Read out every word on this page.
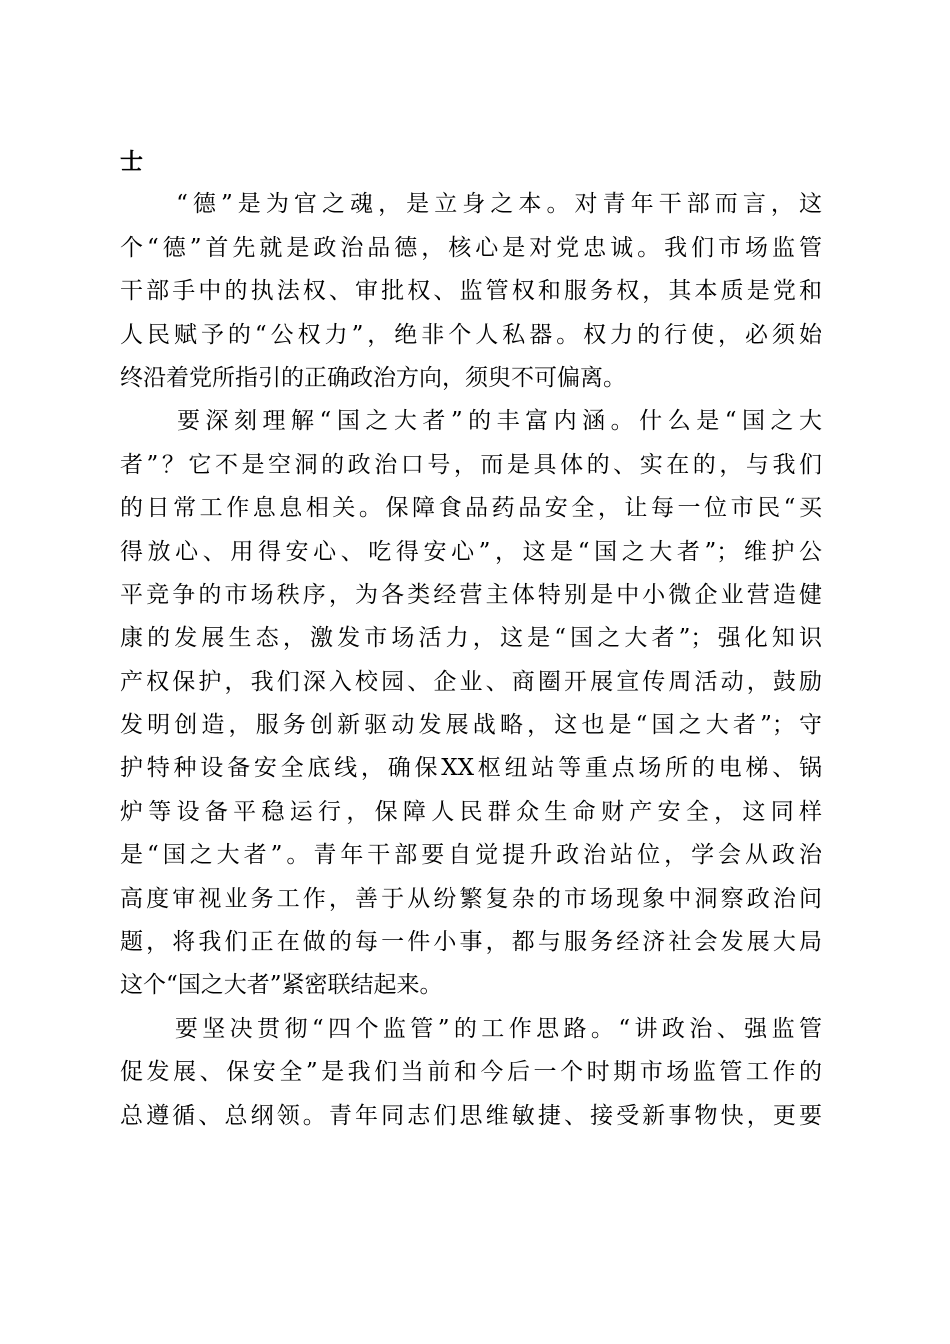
士
　　“德”是为官之魂，是立身之本。对青年干部而言，这
个“德”首先就是政治品德，核心是对党忠诚。我们市场监管
干部手中的执法权、审批权、监管权和服务权，其本质是党和
人民赋予的“公权力”，绝非个人私器。权力的行使，必须始
终沿着党所指引的正确政治方向，须臾不可偏离。
　　要深刻理解“国之大者”的丰富内涵。什么是“国之大
者”？它不是空洞的政治口号，而是具体的、实在的，与我们
的日常工作息息相关。保障食品药品安全，让每一位市民“买
得放心、用得安心、吃得安心”，这是“国之大者”；维护公
平竞争的市场秩序，为各类经营主体特别是中小微企业营造健
康的发展生态，激发市场活力，这是“国之大者”；强化知识
产权保护，我们深入校园、企业、商圈开展宣传周活动，鼓励
发明创造，服务创新驱动发展战略，这也是“国之大者”；守
护特种设备安全底线，确保XX枢纽站等重点场所的电梯、锅
炉等设备平稳运行，保障人民群众生命财产安全，这同样
是“国之大者”。青年干部要自觉提升政治站位，学会从政治
高度审视业务工作，善于从纷繁复杂的市场现象中洞察政治问
题，将我们正在做的每一件小事，都与服务经济社会发展大局
这个“国之大者”紧密联结起来。
　　要坚决贯彻“四个监管”的工作思路。“讲政治、强监管
促发展、保安全”是我们当前和今后一个时期市场监管工作的
总遵循、总纲领。青年同志们思维敏捷、接受新事物快，更要
